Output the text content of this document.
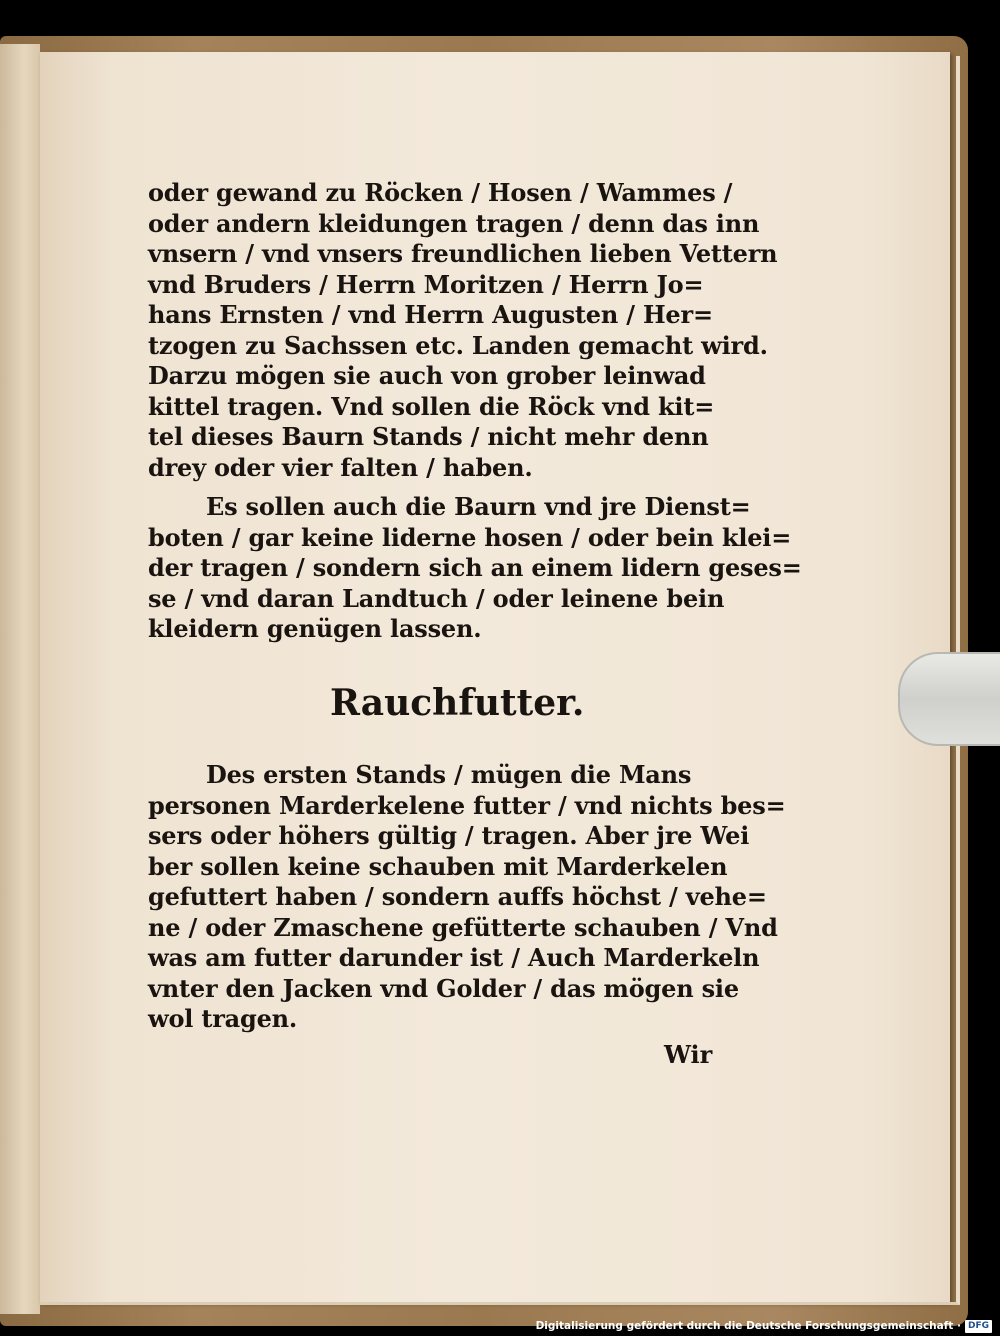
oder gewand zu Röcken / Hosen / Wammes /
oder andern kleidungen tragen / denn das inn
vnsern / vnd vnsers freundlichen lieben Vettern
vnd Bruders / Herrn Moritzen / Herrn Jo=
hans Ernsten / vnd Herrn Augusten / Her=
tzogen zu Sachssen etc. Landen gemacht wird.
Darzu mögen sie auch von grober leinwad
kittel tragen. Vnd sollen die Röck vnd kit=
tel dieses Baurn Stands / nicht mehr denn
drey oder vier falten / haben.
Es sollen auch die Baurn vnd jre Dienst=
boten / gar keine liderne hosen / oder bein klei=
der tragen / sondern sich an einem lidern geses=
se / vnd daran Landtuch / oder leinene bein
kleidern genügen lassen.
Rauchfutter.
Des ersten Stands / mügen die Mans
personen Marderkelene futter / vnd nichts bes=
sers oder höhers gültig / tragen. Aber jre Wei
ber sollen keine schauben mit Marderkelen
gefuttert haben / sondern auffs höchst / vehe=
ne / oder Zmaschene gefütterte schauben / Vnd
was am futter darunder ist / Auch Marderkeln
vnter den Jacken vnd Golder / das mögen sie
wol tragen.
Wir
Digitalisierung gefördert durch die Deutsche Forschungsgemeinschaft · DFG
